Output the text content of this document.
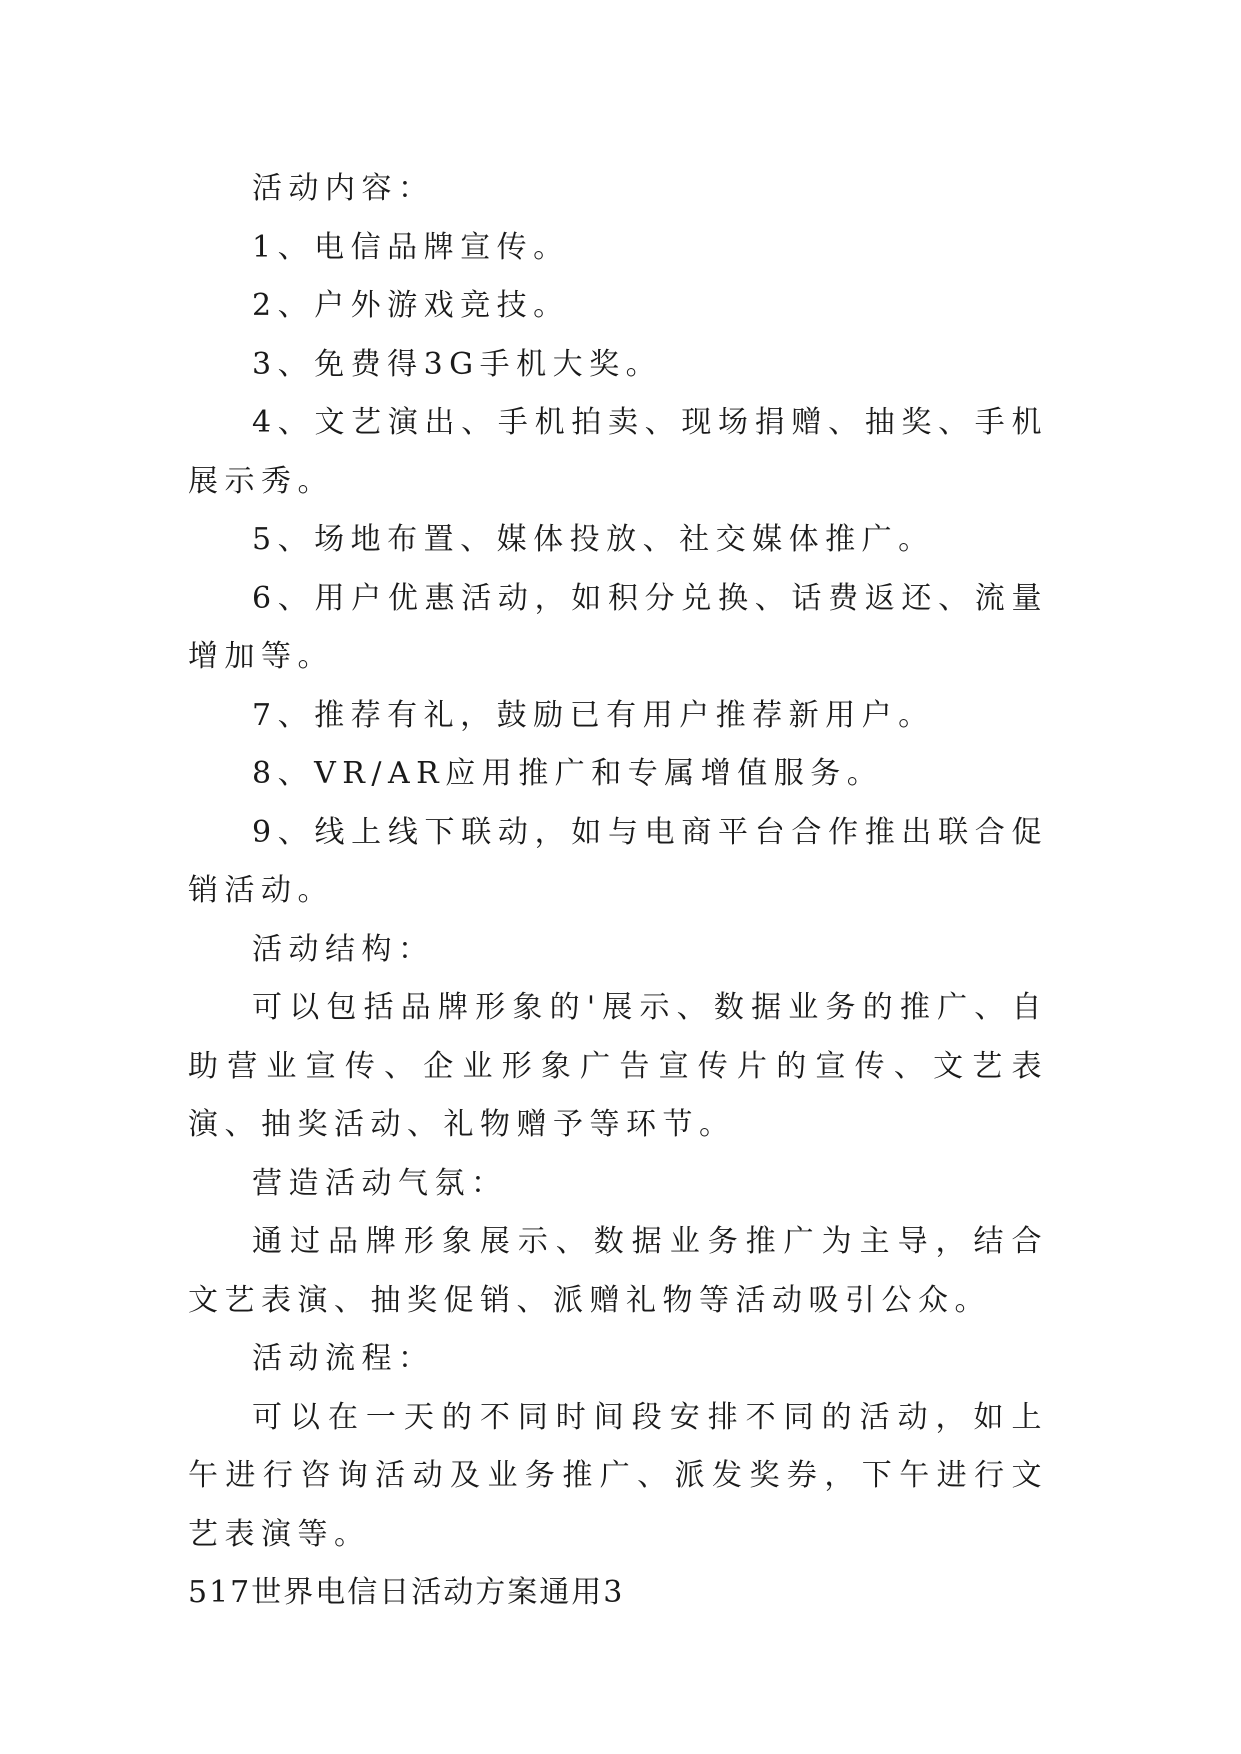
活动内容：

1、电信品牌宣传。

2、户外游戏竞技。

3、免费得3G手机大奖。

4、文艺演出、手机拍卖、现场捐赠、抽奖、手机展示秀。

5、场地布置、媒体投放、社交媒体推广。

6、用户优惠活动，如积分兑换、话费返还、流量增加等。

7、推荐有礼，鼓励已有用户推荐新用户。

8、VR/AR应用推广和专属增值服务。

9、线上线下联动，如与电商平台合作推出联合促销活动。

活动结构：

可以包括品牌形象的'展示、数据业务的推广、自助营业宣传、企业形象广告宣传片的宣传、文艺表演、抽奖活动、礼物赠予等环节。

营造活动气氛：

通过品牌形象展示、数据业务推广为主导，结合文艺表演、抽奖促销、派赠礼物等活动吸引公众。

活动流程：

可以在一天的不同时间段安排不同的活动，如上午进行咨询活动及业务推广、派发奖券，下午进行文艺表演等。

517世界电信日活动方案通用3
